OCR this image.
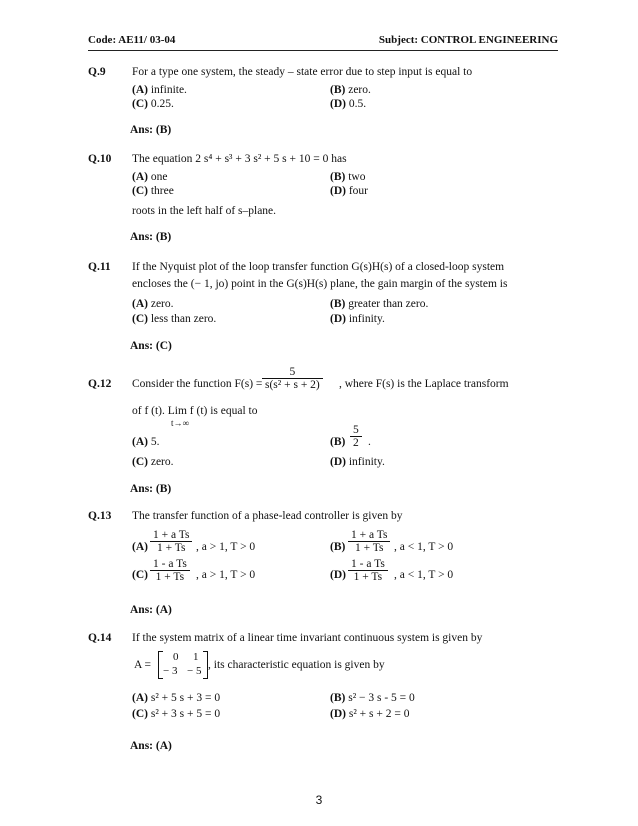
Code: AE11/ 03-04	Subject: CONTROL ENGINEERING
Q.9 For a type one system, the steady – state error due to step input is equal to
(A) infinite.	(B) zero.
(C) 0.25.	(D) 0.5.
Ans: (B)
Q.10 The equation 2 s⁴ + s³ + 3 s² + 5 s + 10 = 0 has
(A) one	(B) two
(C) three	(D) four
roots in the left half of s–plane.
Ans: (B)
Q.11 If the Nyquist plot of the loop transfer function G(s)H(s) of a closed-loop system
encloses the (− 1, jo) point in the G(s)H(s) plane, the gain margin of the system is
(A) zero.	(B) greater than zero.
(C) less than zero.	(D) infinity.
Ans: (C)
Q.12 Consider the function $F(s) = \frac{5}{\text{s(s² + s + 2)}}$ , where F(s) is the Laplace transform
of f (t). Lim f (t) is equal to
t→∞
(A) 5.	$(B) \frac{5}{2}$ .
(C) zero.	(D) infinity.
Ans: (B)
Q.13 The transfer function of a phase-lead controller is given by
$(A) \frac{\text{1 + a Ts}}{1 + Ts}$ , a > 1, T > 0	$(B) \frac{\text{1 + a Ts}}{1 + Ts}$ , a < 1, T > 0
$(C) \frac{\text{1 - a Ts}}{1 + Ts}$ , a > 1, T > 0	$(D) \frac{\text{1 - a Ts}}{1 + Ts}$ , a < 1, T > 0
Ans: (A)
Q.14 If the system matrix of a linear time invariant continuous system is given by
A =
0 1
− 3 − 5 , its characteristic equation is given by
(A) s² + 5 s + 3 = 0	(B) s² − 3 s - 5 = 0
(C) s² + 3 s + 5 = 0	(D) s² + s + 2 = 0
Ans: (A)
3
